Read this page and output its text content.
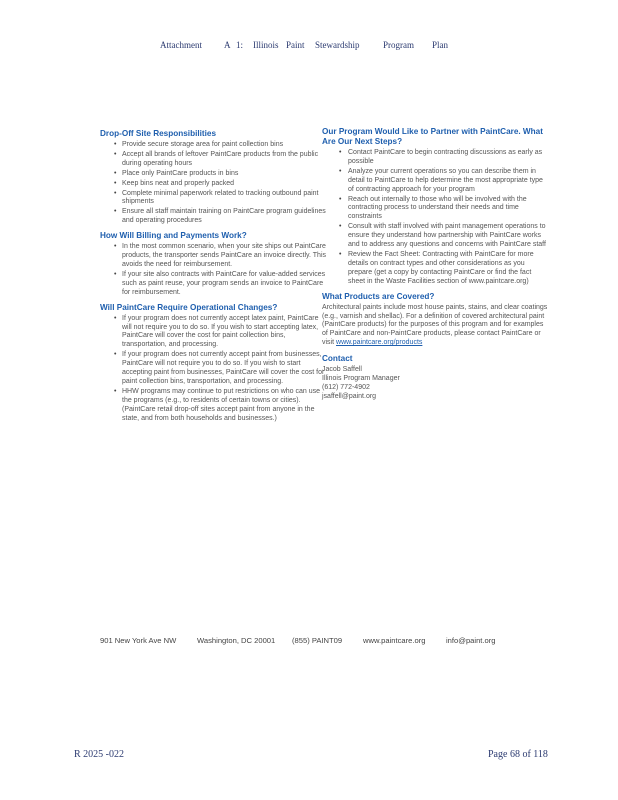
Attachment A 1: Illinois Paint Stewardship	Program Plan
Drop-Off Site Responsibilities
• Provide secure storage area for paint collection bins
• Accept all brands of leftover PaintCare products from the public during operating hours
• Place only PaintCare products in bins
• Keep bins neat and properly packed
• Complete minimal paperwork related to tracking outbound paint shipments
• Ensure all staff maintain training on PaintCare program guidelines and operating procedures
How Will Billing and Payments Work?
• In the most common scenario, when your site ships out PaintCare products, the transporter sends PaintCare an invoice directly. This avoids the need for reimbursement.
• If your site also contracts with PaintCare for value-added services such as paint reuse, your program sends an invoice to PaintCare for reimbursement.
Will PaintCare Require Operational Changes?
• If your program does not currently accept latex paint, PaintCare will not require you to do so. If you wish to start accepting latex, PaintCare will cover the cost for paint collection bins, transportation, and processing.
• If your program does not currently accept paint from businesses, PaintCare will not require you to do so. If you wish to start accepting paint from businesses, PaintCare will cover the cost for paint collection bins, transportation, and processing.
• HHW programs may continue to put restrictions on who can use the programs (e.g., to residents of certain towns or cities). (PaintCare retail drop-off sites accept paint from anyone in the state, and from both households and businesses.)
Our Program Would Like to Partner with PaintCare. What Are Our Next Steps?
• Contact PaintCare to begin contracting discussions as early as possible
• Analyze your current operations so you can describe them in detail to PaintCare to help determine the most appropriate type of contracting approach for your program
• Reach out internally to those who will be involved with the contracting process to understand their needs and time constraints
• Consult with staff involved with paint management operations to ensure they understand how partnership with PaintCare works and to address any questions and concerns with PaintCare staff
• Review the Fact Sheet: Contracting with PaintCare for more details on contract types and other considerations as you prepare (get a copy by contacting PaintCare or find the fact sheet in the Waste Facilities section of www.paintcare.org)
What Products are Covered?

Architectural paints include most house paints, stains, and clear coatings (e.g., varnish and shellac). For a definition of covered architectural paint (PaintCare products) for the purposes of this program and for examples of PaintCare and non-PaintCare products, please contact PaintCare or visit www.paintcare.org/products

Contact

Jacob Saffell

Illinois Program Manager

(612) 772-4902

jsaffell@paint.org

901 New York Ave NW	Washington, DC 20001 (855) PAINT09	www.paintcare.org	info@paint.org
R 2025 -022	Page 68 of 118
